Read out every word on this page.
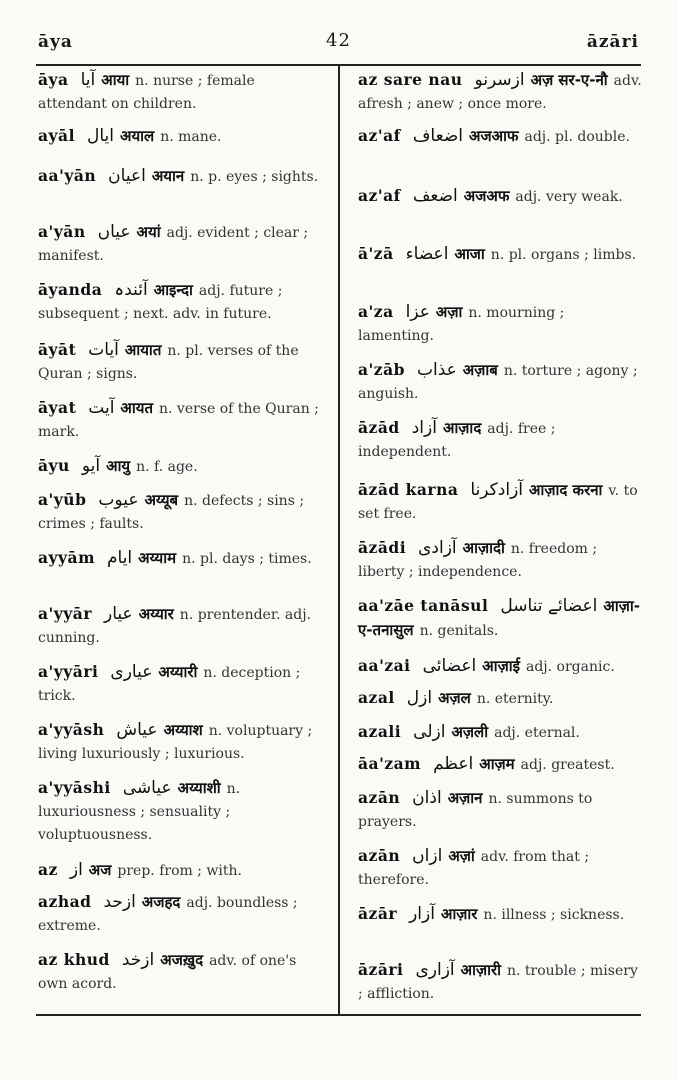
āya	42	āzāri
āya آیا आया n. nurse ; female attendant on children.
ayāl ایال अयाल n. mane.
aa'yān اعیان अयान n. p. eyes ; sights.
a'yān عیاں अयां adj. evident ; clear ; manifest.
āyanda آئندہ आइन्दा adj. future ; subsequent ; next. adv. in future.
āyāt آیات आयात n. pl. verses of the Quran ; signs.
āyat آیت आयत n. verse of the Quran ; mark.
āyu آیو आयु n. f. age.
a'yūb عیوب अय्यूब n. defects ; sins ; crimes ; faults.
ayyām ایام अय्याम n. pl. days ; times.
a'yyār عیار अय्यार n. prentender. adj. cunning.
a'yyāri عیاری अय्यारी n. deception ; trick.
a'yyāsh عیاش अय्याश n. voluptuary ; living luxuriously ; luxurious.
a'yyāshi عیاشی अय्याशी n. luxuriousness ; sensuality ; voluptuousness.
az از अज prep. from ; with.
azhad ازحد अजहद adj. boundless ; extreme.
az khud ازخد अजख़ुद adv. of one's own acord.
az sare nau ازسرنو अज़ सर-ए-नौ adv. afresh ; anew ; once more.
az'af اضعاف अजआफ adj. pl. double.
az'af اضعف अजअफ adj. very weak.
ā'zā اعضاء आजा n. pl. organs ; limbs.
a'za عزا अज़ा n. mourning ; lamenting.
a'zāb عذاب अज़ाब n. torture ; agony ; anguish.
āzād آزاد आज़ाद adj. free ; independent.
āzād karna آزادکرنا आज़ाद करना v. to set free.
āzādi آزادی आज़ादी n. freedom ; liberty ; independence.
aa'zāe tanāsul اعضائے تناسل आज़ा-ए-तनासुल n. genitals.
aa'zai اعضائی आज़ाई adj. organic.
azal ازل अज़ल n. eternity.
azali ازلی अज़ली adj. eternal.
āa'zam اعظم आज़म adj. greatest.
azān اذان अज़ान n. summons to prayers.
azān ازاں अज़ां adv. from that ; therefore.
āzār آزار आज़ार n. illness ; sickness.
āzāri آزاری आज़ारी n. trouble ; misery ; affliction.
